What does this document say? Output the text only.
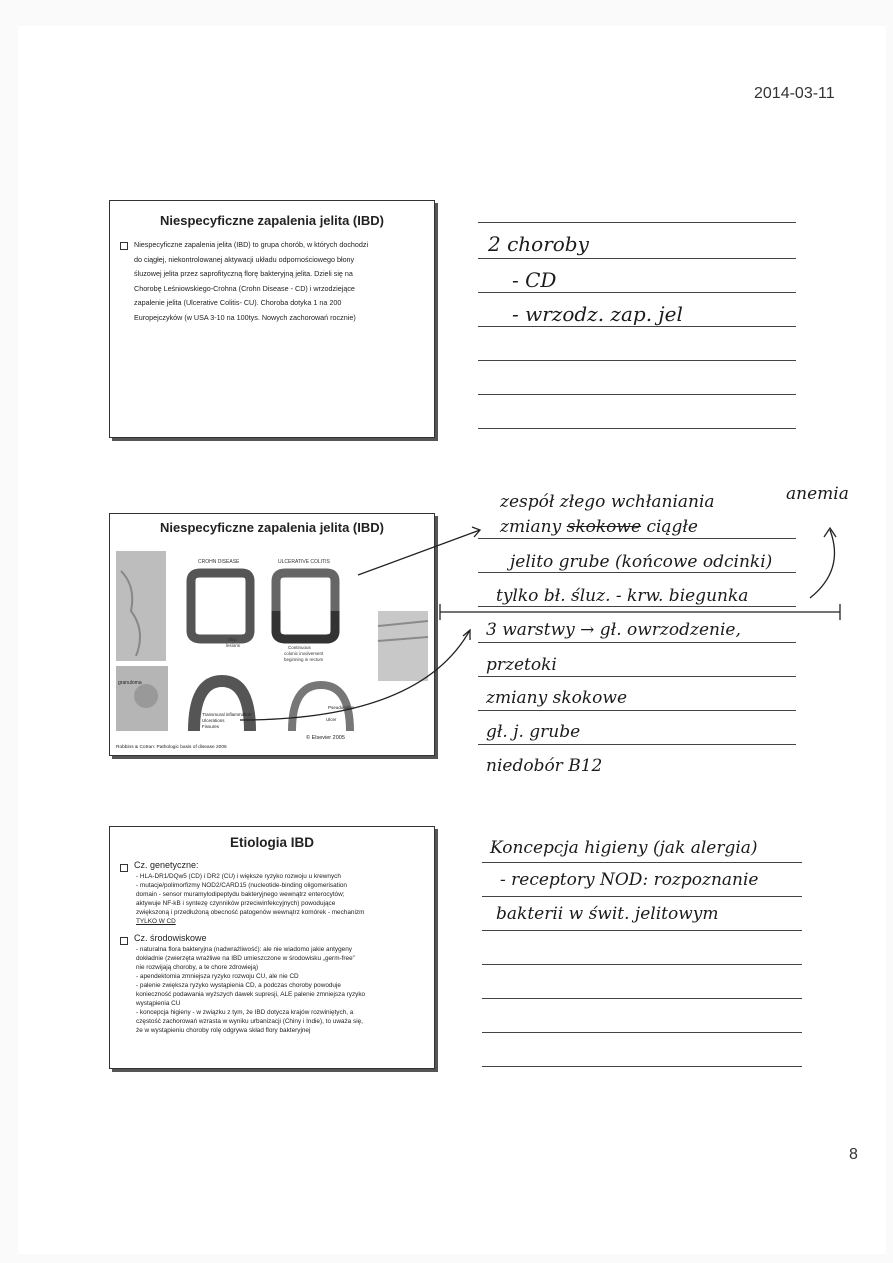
2014-03-11
Niespecyficzne zapalenia jelita (IBD)
Niespecyficzne zapalenia jelita (IBD) to grupa chorób, w których dochodzi
do ciągłej, niekontrolowanej aktywacji układu odpornościowego błony
śluzowej jelita przez saprofityczną florę bakteryjną jelita. Dzieli się na
Chorobę Leśniowskiego-Crohna (Crohn Disease - CD) i wrzodziejące
zapalenie jelita (Ulcerative Colitis- CU). Choroba dotyka 1 na 200
Europejczyków (w USA 3-10 na 100tys. Nowych zachorowań rocznie)
Niespecyficzne zapalenia jelita (IBD)
CROHN DISEASE	ULCERATIVE COLITIS
Skip
lesions	Continuous
colonic involvement
beginning in rectum
granuloma
Transmural inflammation
Ulcerations
Fissures
Pseudopolyp
Ulcer
© Elsevier 2005
Robbins & Cotran: Pathologic basis of disease 2006
Etiologia IBD
Cz. genetyczne:
- HLA-DR1/DQw5 (CD) i DR2 (CU) i większe ryzyko rozwoju u krewnych
- mutacje/polimorfizmy NOD2/CARD15 (nucleotide-binding oligomerisation
domain - sensor muramylodipeptydu bakteryjnego wewnątrz enterocytów;
aktywuje NF-kB i syntezę czynników przeciwinfekcyjnych) powodujące
zwiększoną i przedłużoną obecność patogenów wewnątrz komórek - mechanizm
TYLKO W CD
Cz. środowiskowe
- naturalna flora bakteryjna (nadwrażliwość): ale nie wiadomo jakie antygeny
dokładnie (zwierzęta wrażliwe na IBD umieszczone w środowisku „germ-free”
nie rozwijają choroby, a te chore zdrowieją)
- apendektomia zmniejsza ryzyko rozwoju CU, ale nie CD
- palenie zwiększa ryzyko wystąpienia CD, a podczas choroby powoduje
konieczność podawania wyższych dawek supresji, ALE palenie zmniejsza ryzyko
wystąpienia CU
- koncepcja higieny - w związku z tym, że IBD dotycza krajów rozwiniętych, a
częstość zachorowań wzrasta w wyniku urbanizacji (Chiny i Indie), to uważa się,
że w wystąpieniu choroby rolę odgrywa skład flory bakteryjnej
2 choroby
- CD
- wrzodz. zap. jel
zespół złego wchłaniania	anemia
zmiany skokowe ciągłe
jelito grube (końcowe odcinki)
tylko bł. śluz. - krw. biegunka
3 warstwy → gł. owrzodzenie,
przetoki
zmiany skokowe
gł. j. grube
niedobór B12
Koncepcja higieny (jak alergia)
- receptory NOD: rozpoznanie
bakterii w świt. jelitowym
8
